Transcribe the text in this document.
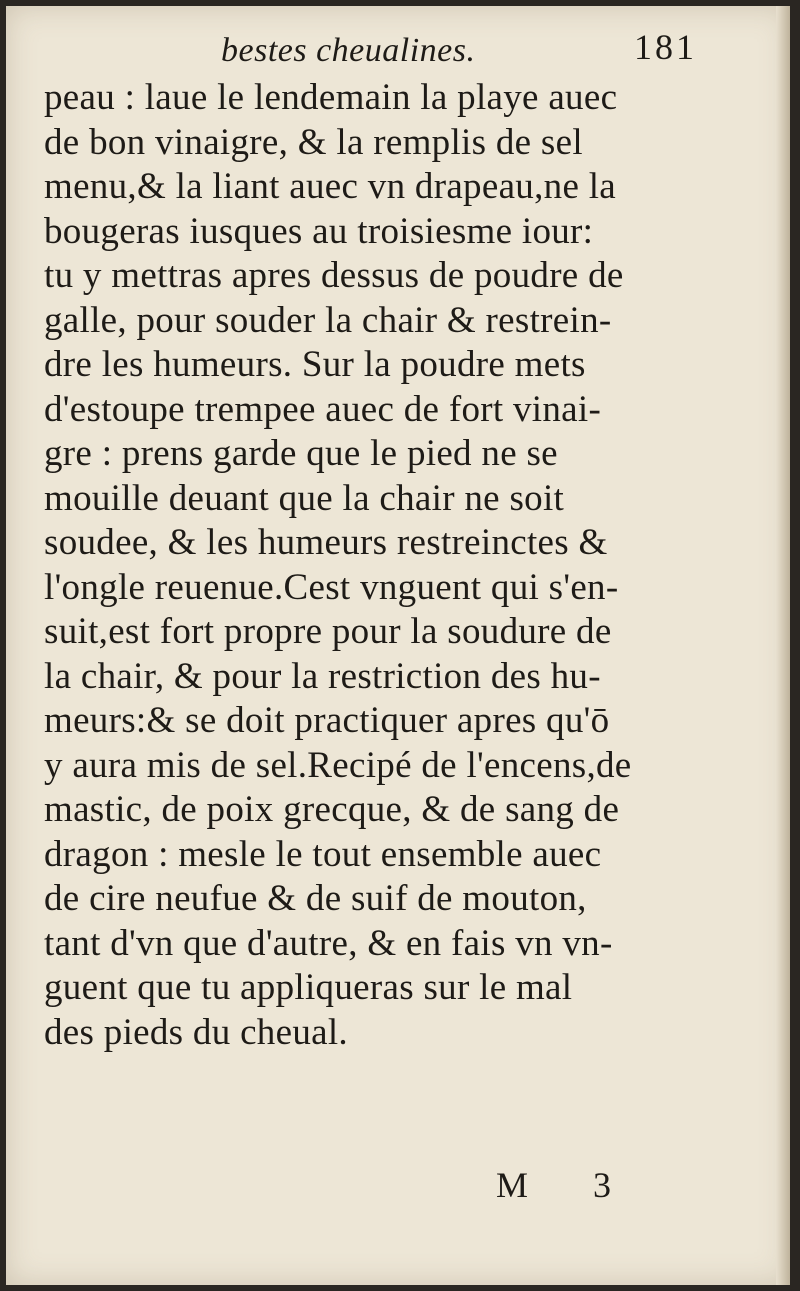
bestes cheualines.	181
peau : laue le lendemain la playe auec
de bon vinaigre, & la remplis de sel
menu,& la liant auec vn drapeau,ne la
bougeras iusques au troisiesme iour:
tu y mettras apres dessus de poudre de
galle, pour souder la chair & restrein-
dre les humeurs. Sur la poudre mets
d'estoupe trempee auec de fort vinai-
gre : prens garde que le pied ne se
mouille deuant que la chair ne soit
soudee, & les humeurs restreinctes &
l'ongle reuenue.Cest vnguent qui s'en-
suit,est fort propre pour la soudure de
la chair, & pour la restriction des hu-
meurs:& se doit practiquer apres qu'ō
y aura mis de sel.Recipé de l'encens,de
mastic, de poix grecque, & de sang de
dragon : mesle le tout ensemble auec
de cire neufue & de suif de mouton,
tant d'vn que d'autre, & en fais vn vn-
guent que tu appliqueras sur le mal
des pieds du cheual.
M 3
